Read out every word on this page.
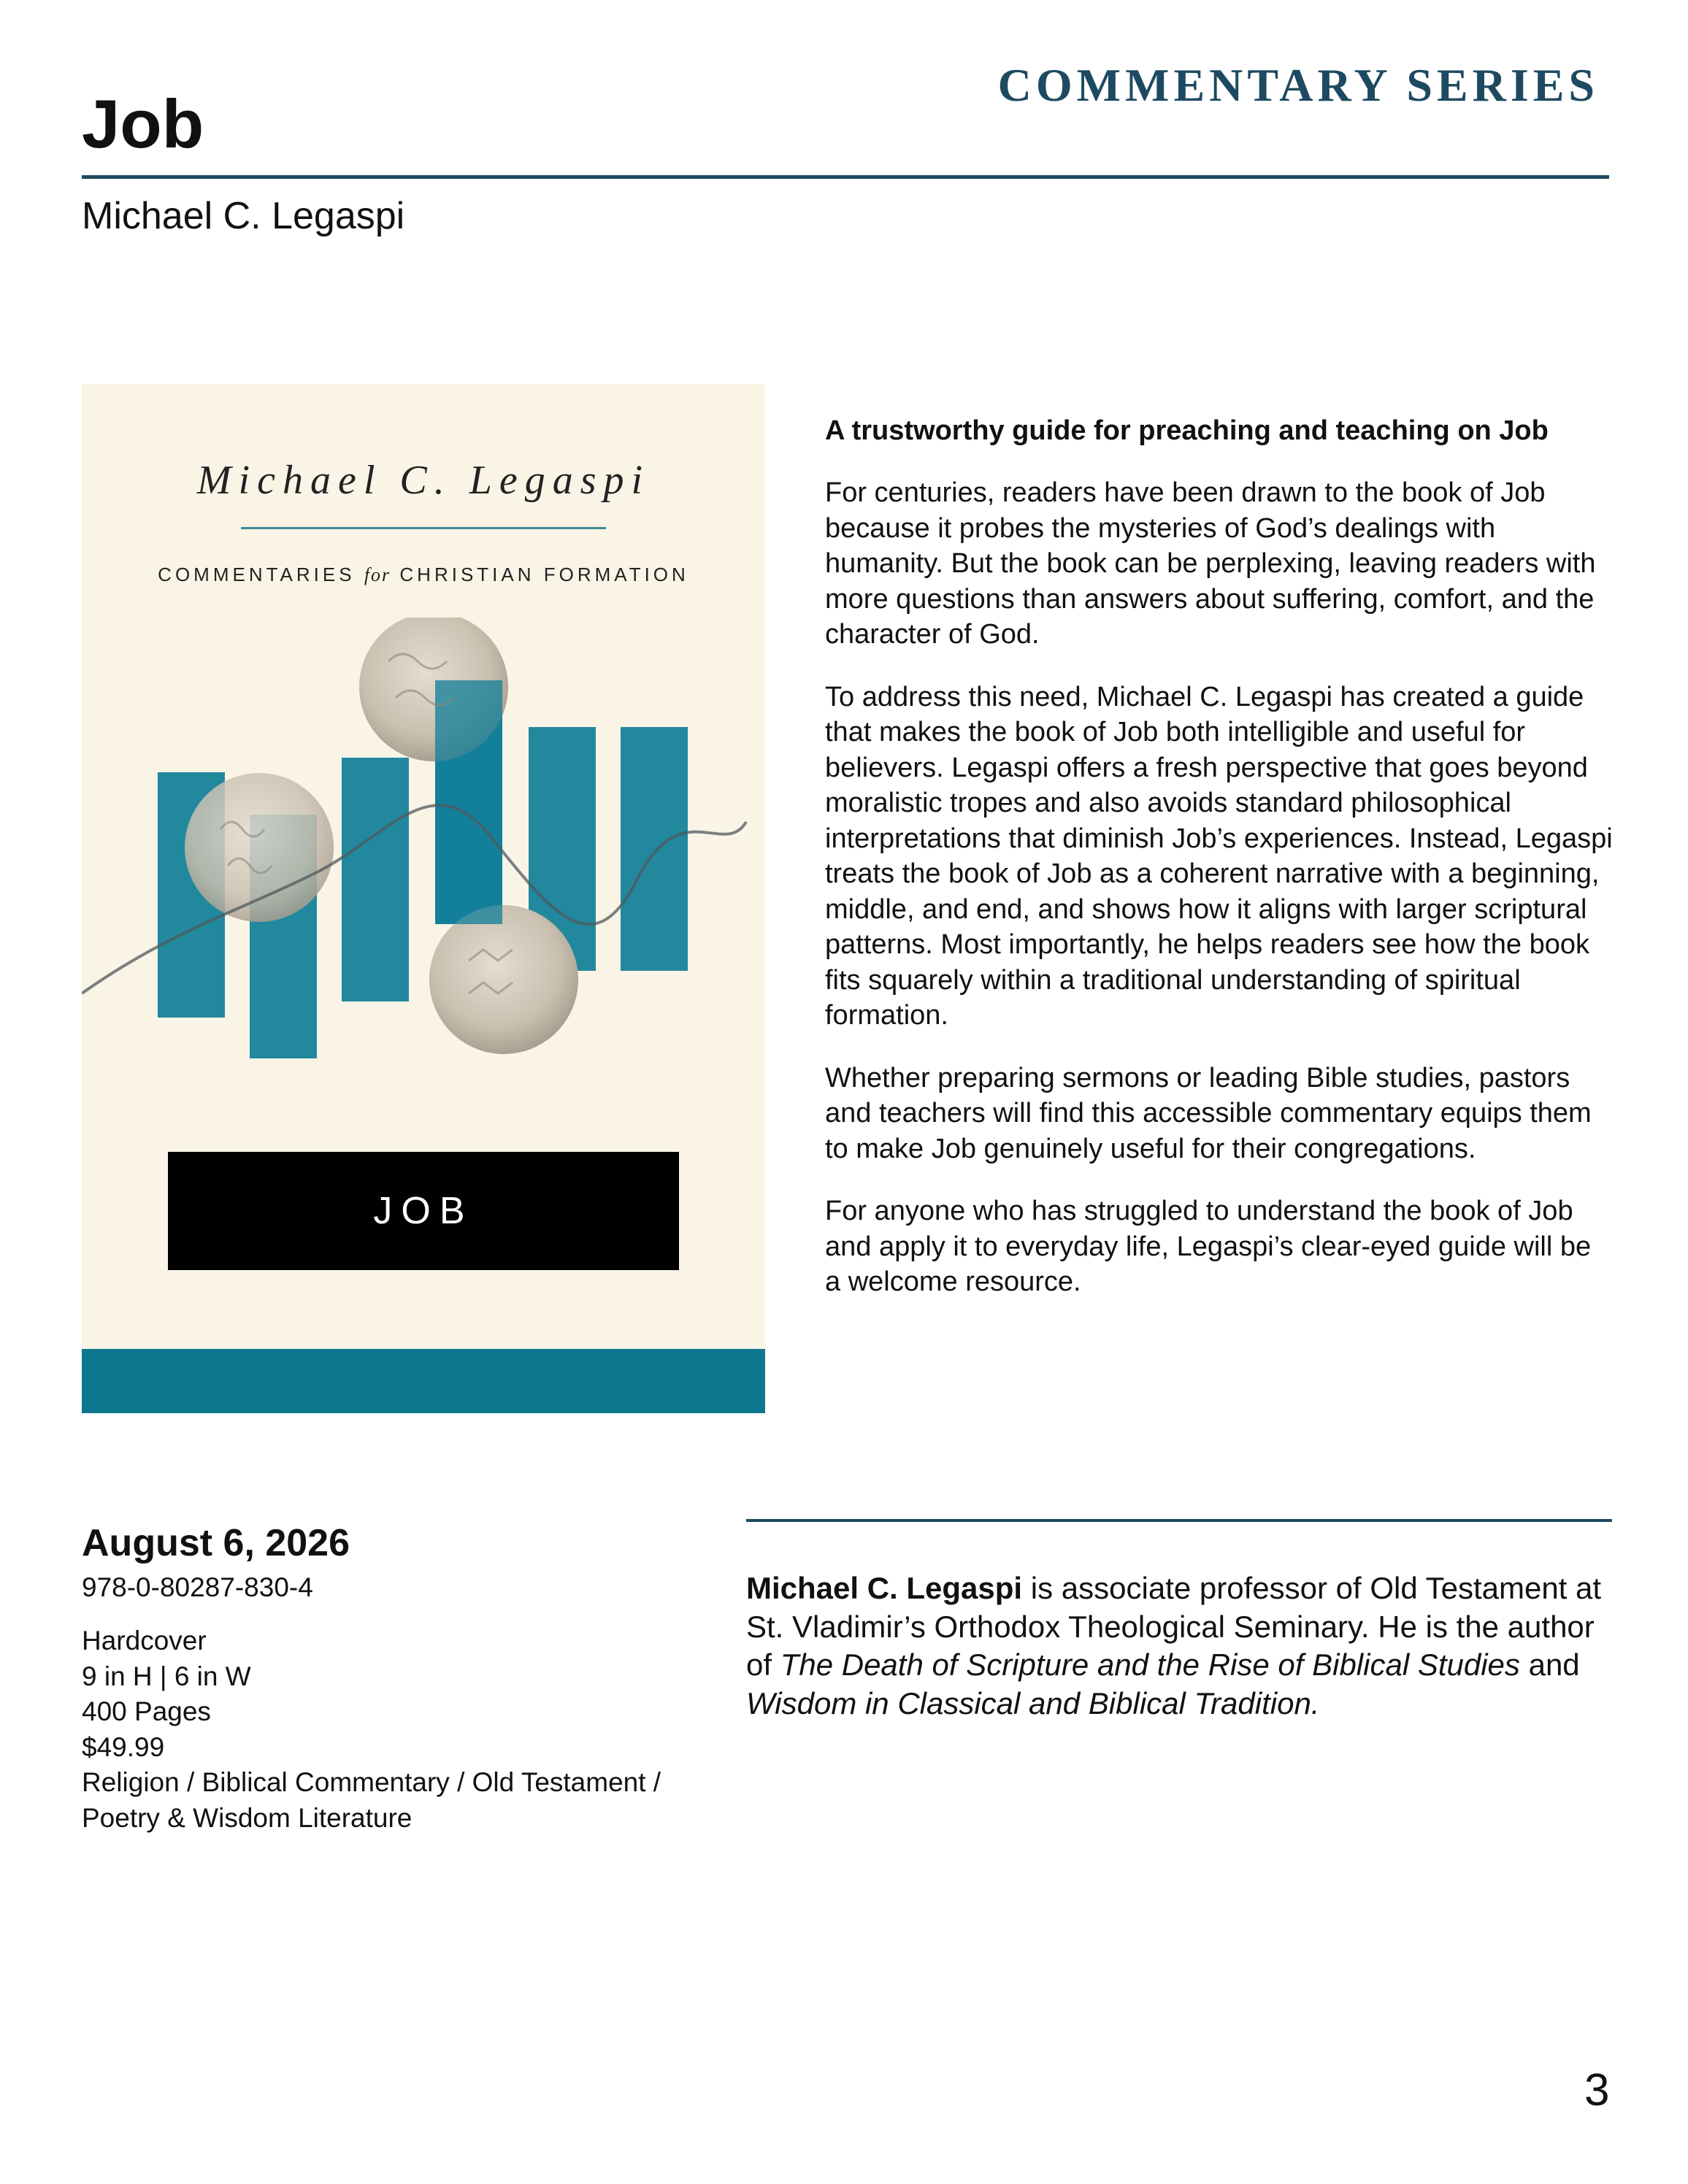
COMMENTARY SERIES
Job
Michael C. Legaspi
Michael C. Legaspi
COMMENTARIES for CHRISTIAN FORMATION
JOB
A trustworthy guide for preaching and teaching on Job

For centuries, readers have been drawn to the book of Job because it probes the mysteries of God’s dealings with humanity. But the book can be perplexing, leaving readers with more questions than answers about suffering, comfort, and the character of God.

To address this need, Michael C. Legaspi has created a guide that makes the book of Job both intelligible and useful for believers. Legaspi offers a fresh perspective that goes beyond moralistic tropes and also avoids standard philosophical interpretations that diminish Job’s experiences. Instead, Legaspi treats the book of Job as a coherent narrative with a beginning, middle, and end, and shows how it aligns with larger scriptural patterns. Most importantly, he helps readers see how the book fits squarely within a traditional understanding of spiritual formation.

Whether preparing sermons or leading Bible studies, pastors and teachers will find this accessible commentary equips them to make Job genuinely useful for their congregations.

For anyone who has struggled to understand the book of Job and apply it to everyday life, Legaspi’s clear-eyed guide will be a welcome resource.

August 6, 2026
978-0-80287-830-4
Hardcover
9 in H | 6 in W
400 Pages
$49.99
Religion / Biblical Commentary / Old Testament /
Poetry & Wisdom Literature
Michael C. Legaspi is associate professor of Old Testament at St. Vladimir’s Orthodox Theological Seminary. He is the author of The Death of Scripture and the Rise of Biblical Studies and Wisdom in Classical and Biblical Tradition.
3
